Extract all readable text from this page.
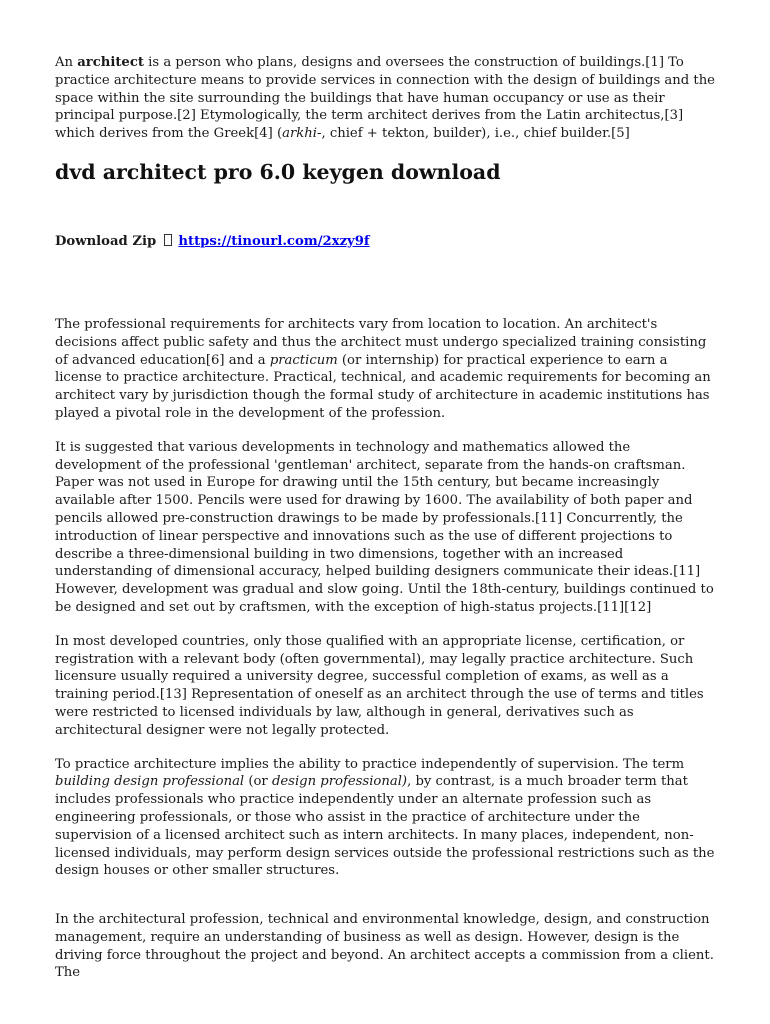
An architect is a person who plans, designs and oversees the construction of buildings.[1] To practice architecture means to provide services in connection with the design of buildings and the space within the site surrounding the buildings that have human occupancy or use as their principal purpose.[2] Etymologically, the term architect derives from the Latin architectus,[3] which derives from the Greek[4] (arkhi-, chief + tekton, builder), i.e., chief builder.[5]

dvd architect pro 6.0 keygen download
Download Zip https://tinourl.com/2xzy9f

The professional requirements for architects vary from location to location. An architect's decisions affect public safety and thus the architect must undergo specialized training consisting of advanced education[6] and a practicum (or internship) for practical experience to earn a license to practice architecture. Practical, technical, and academic requirements for becoming an architect vary by jurisdiction though the formal study of architecture in academic institutions has played a pivotal role in the development of the profession.

It is suggested that various developments in technology and mathematics allowed the development of the professional 'gentleman' architect, separate from the hands-on craftsman. Paper was not used in Europe for drawing until the 15th century, but became increasingly available after 1500. Pencils were used for drawing by 1600. The availability of both paper and pencils allowed pre-construction drawings to be made by professionals.[11] Concurrently, the introduction of linear perspective and innovations such as the use of different projections to describe a three-dimensional building in two dimensions, together with an increased understanding of dimensional accuracy, helped building designers communicate their ideas.[11] However, development was gradual and slow going. Until the 18th-century, buildings continued to be designed and set out by craftsmen, with the exception of high-status projects.[11][12]

In most developed countries, only those qualified with an appropriate license, certification, or registration with a relevant body (often governmental), may legally practice architecture. Such licensure usually required a university degree, successful completion of exams, as well as a training period.[13] Representation of oneself as an architect through the use of terms and titles were restricted to licensed individuals by law, although in general, derivatives such as architectural designer were not legally protected.

To practice architecture implies the ability to practice independently of supervision. The term building design professional (or design professional), by contrast, is a much broader term that includes professionals who practice independently under an alternate profession such as engineering professionals, or those who assist in the practice of architecture under the supervision of a licensed architect such as intern architects. In many places, independent, non-licensed individuals, may perform design services outside the professional restrictions such as the design houses or other smaller structures.

In the architectural profession, technical and environmental knowledge, design, and construction management, require an understanding of business as well as design. However, design is the driving force throughout the project and beyond. An architect accepts a commission from a client. The
